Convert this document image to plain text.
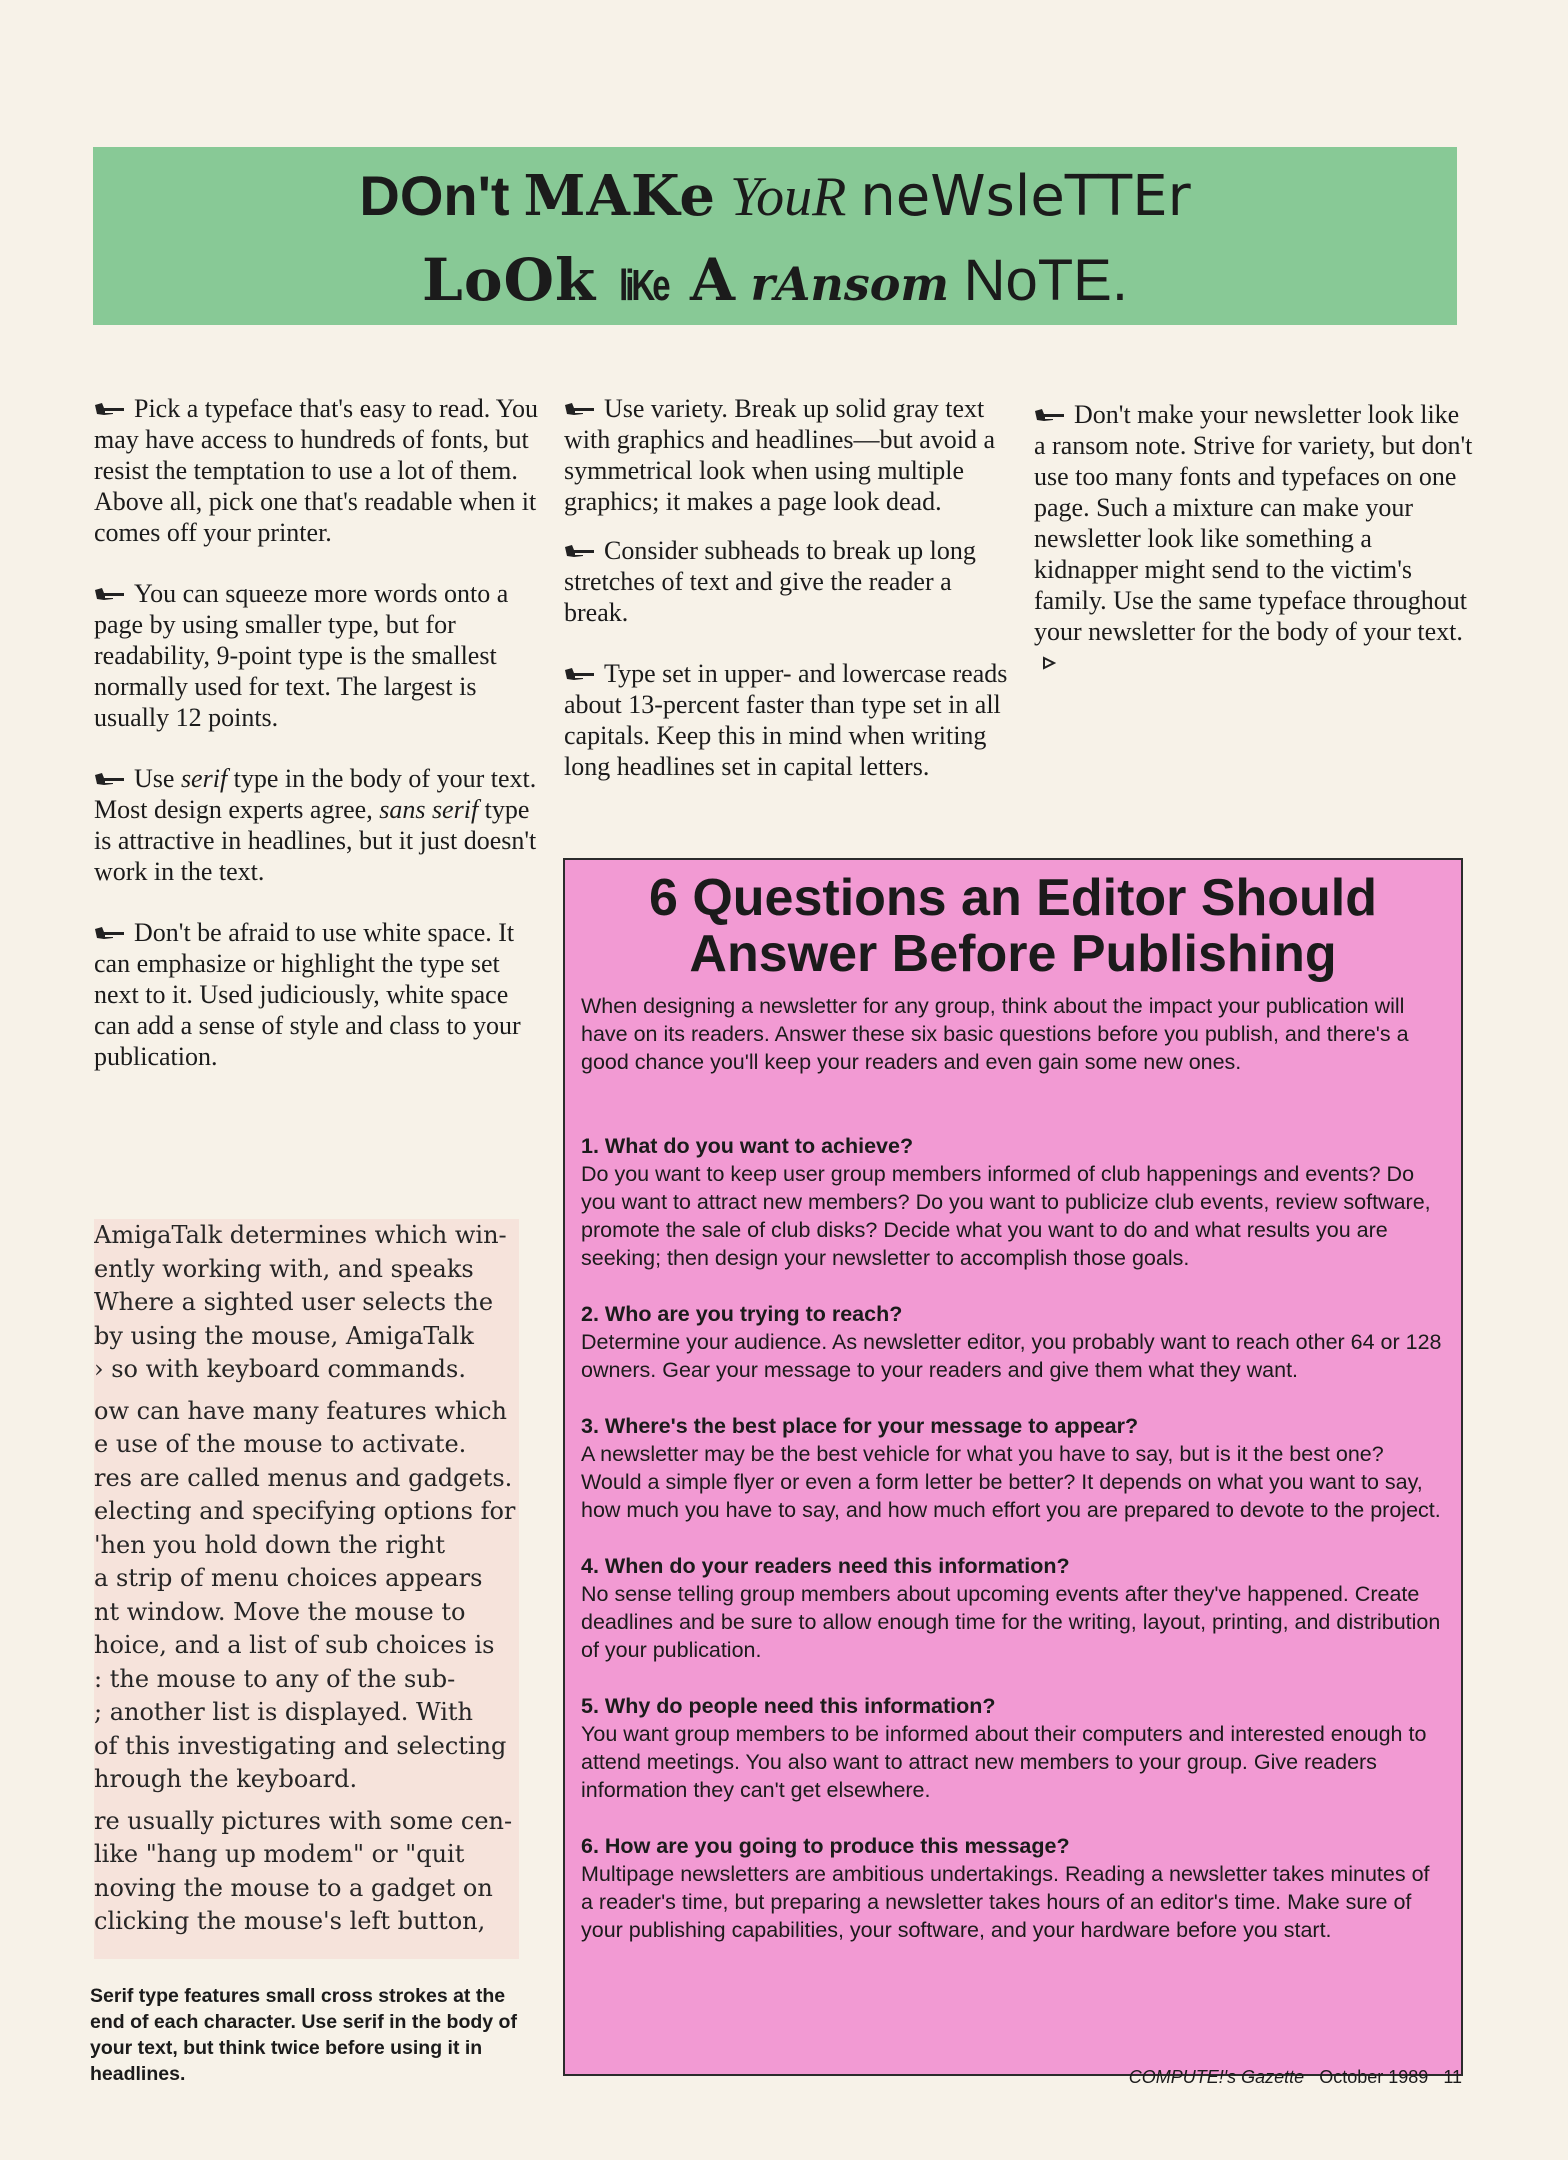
DOn't MAKe YouR neWsleTTEr
LoOk liKe A rAnsom NoTE.

Pick a typeface that's easy to read. You may have access to hundreds of fonts, but resist the temptation to use a lot of them. Above all, pick one that's readable when it comes off your printer.

You can squeeze more words onto a page by using smaller type, but for readability, 9-point type is the smallest normally used for text. The largest is usually 12 points.

Use serif type in the body of your text. Most design experts agree, sans serif type is attractive in headlines, but it just doesn't work in the text.

Don't be afraid to use white space. It can emphasize or highlight the type set next to it. Used judiciously, white space can add a sense of style and class to your publication.

AmigaTalk determines which win-
ently working with, and speaks
Where a sighted user selects the
by using the mouse, AmigaTalk
› so with keyboard commands.
ow can have many features which
e use of the mouse to activate.
res are called menus and gadgets.
electing and specifying options for
'hen you hold down the right
a strip of menu choices appears
nt window. Move the mouse to
hoice, and a list of sub choices is
: the mouse to any of the sub-
; another list is displayed. With
of this investigating and selecting
hrough the keyboard.
re usually pictures with some cen-
like "hang up modem" or "quit
noving the mouse to a gadget on
clicking the mouse's left button,
Serif type features small cross strokes at the end of each character. Use serif in the body of your text, but think twice before using it in headlines.

Use variety. Break up solid gray text with graphics and headlines—but avoid a symmetrical look when using multiple graphics; it makes a page look dead.

Consider subheads to break up long stretches of text and give the reader a break.

Type set in upper- and lowercase reads about 13-percent faster than type set in all capitals. Keep this in mind when writing long headlines set in capital letters.

Don't make your newsletter look like a ransom note. Strive for variety, but don't use too many fonts and typefaces on one page. Such a mixture can make your newsletter look like something a kidnapper might send to the victim's family. Use the same typeface throughout your newsletter for the body of your text.

6 Questions an Editor Should Answer Before Publishing
When designing a newsletter for any group, think about the impact your publication will have on its readers. Answer these six basic questions before you publish, and there's a good chance you'll keep your readers and even gain some new ones.
1. What do you want to achieve?
Do you want to keep user group members informed of club happenings and events? Do you want to attract new members? Do you want to publicize club events, review software, promote the sale of club disks? Decide what you want to do and what results you are seeking; then design your newsletter to accomplish those goals.
2. Who are you trying to reach?
Determine your audience. As newsletter editor, you probably want to reach other 64 or 128 owners. Gear your message to your readers and give them what they want.
3. Where's the best place for your message to appear?
A newsletter may be the best vehicle for what you have to say, but is it the best one? Would a simple flyer or even a form letter be better? It depends on what you want to say, how much you have to say, and how much effort you are prepared to devote to the project.
4. When do your readers need this information?
No sense telling group members about upcoming events after they've happened. Create deadlines and be sure to allow enough time for the writing, layout, printing, and distribution of your publication.
5. Why do people need this information?
You want group members to be informed about their computers and interested enough to attend meetings. You also want to attract new members to your group. Give readers information they can't get elsewhere.
6. How are you going to produce this message?
Multipage newsletters are ambitious undertakings. Reading a newsletter takes minutes of a reader's time, but preparing a newsletter takes hours of an editor's time. Make sure of your publishing capabilities, your software, and your hardware before you start.
COMPUTE!'s Gazette October 1989 11
